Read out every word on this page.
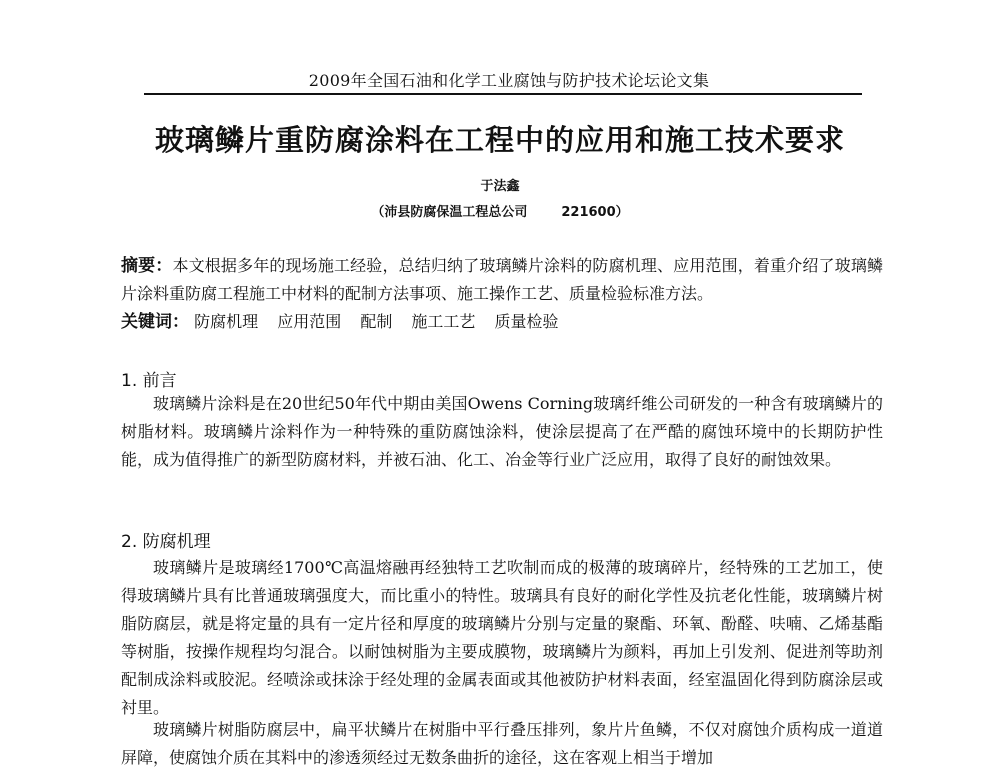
2009年全国石油和化学工业腐蚀与防护技术论坛论文集
玻璃鳞片重防腐涂料在工程中的应用和施工技术要求
于法鑫
（沛县防腐保温工程总公司	221600）
摘要：本文根据多年的现场施工经验，总结归纳了玻璃鳞片涂料的防腐机理、应用范围，着重介绍了玻璃鳞片涂料重防腐工程施工中材料的配制方法事项、施工操作工艺、质量检验标准方法。
关键词： 防腐机理 应用范围 配制 施工工艺 质量检验
1. 前言

玻璃鳞片涂料是在20世纪50年代中期由美国Owens Corning玻璃纤维公司研发的一种含有玻璃鳞片的树脂材料。玻璃鳞片涂料作为一种特殊的重防腐蚀涂料，使涂层提高了在严酷的腐蚀环境中的长期防护性能，成为值得推广的新型防腐材料，并被石油、化工、冶金等行业广泛应用，取得了良好的耐蚀效果。

2. 防腐机理

玻璃鳞片是玻璃经1700℃高温熔融再经独特工艺吹制而成的极薄的玻璃碎片，经特殊的工艺加工，使得玻璃鳞片具有比普通玻璃强度大，而比重小的特性。玻璃具有良好的耐化学性及抗老化性能，玻璃鳞片树脂防腐层，就是将定量的具有一定片径和厚度的玻璃鳞片分别与定量的聚酯、环氧、酚醛、呋喃、乙烯基酯等树脂，按操作规程均匀混合。以耐蚀树脂为主要成膜物，玻璃鳞片为颜料，再加上引发剂、促进剂等助剂配制成涂料或胶泥。经喷涂或抹涂于经处理的金属表面或其他被防护材料表面，经室温固化得到防腐涂层或衬里。

玻璃鳞片树脂防腐层中，扁平状鳞片在树脂中平行叠压排列，象片片鱼鳞，不仅对腐蚀介质构成一道道屏障，使腐蚀介质在其料中的渗透须经过无数条曲折的途径，这在客观上相当于增加
